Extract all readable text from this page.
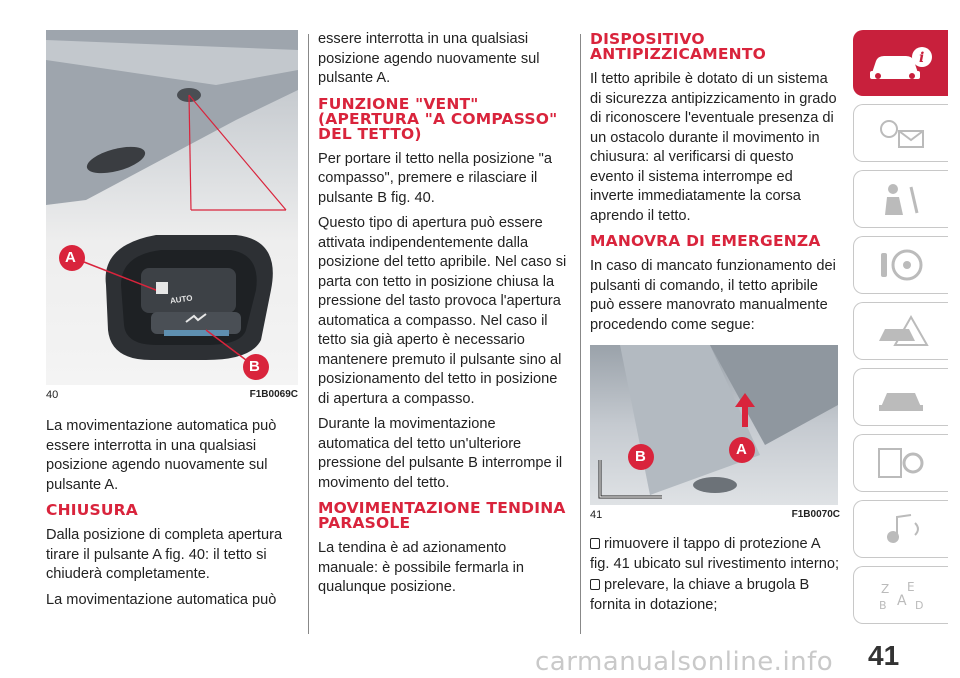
A
B
AUTO
40	F1B0069C

La movimentazione automatica può essere interrotta in una qualsiasi posizione agendo nuovamente sul pulsante A.

CHIUSURA

Dalla posizione di completa apertura tirare il pulsante A fig. 40: il tetto si chiuderà completamente.

La movimentazione automatica può

essere interrotta in una qualsiasi posizione agendo nuovamente sul pulsante A.

FUNZIONE "VENT" (APERTURA "A COMPASSO" DEL TETTO)

Per portare il tetto nella posizione "a compasso", premere e rilasciare il pulsante B fig. 40.

Questo tipo di apertura può essere attivata indipendentemente dalla posizione del tetto apribile. Nel caso si parta con tetto in posizione chiusa la pressione del tasto provoca l'apertura automatica a compasso. Nel caso il tetto sia già aperto è necessario mantenere premuto il pulsante sino al posizionamento del tetto in posizione di apertura a compasso.

Durante la movimentazione automatica del tetto un'ulteriore pressione del pulsante B interrompe il movimento del tetto.

MOVIMENTAZIONE TENDINA PARASOLE

La tendina è ad azionamento manuale: è possibile fermarla in qualunque posizione.

DISPOSITIVO ANTIPIZZICAMENTO

Il tetto apribile è dotato di un sistema di sicurezza antipizzicamento in grado di riconoscere l'eventuale presenza di un ostacolo durante il movimento in chiusura: al verificarsi di questo evento il sistema interrompe ed inverte immediatamente la corsa aprendo il tetto.

MANOVRA DI EMERGENZA

In caso di mancato funzionamento dei pulsanti di comando, il tetto apribile può essere manovrato manualmente procedendo come segue:

B	A
41	F1B0070C

rimuovere il tappo di protezione A fig. 41 ubicato sul rivestimento interno;

prelevare, la chiave a brugola B fornita in dotazione;

i
Z E
A
B	D
41
carmanualsonline.info
